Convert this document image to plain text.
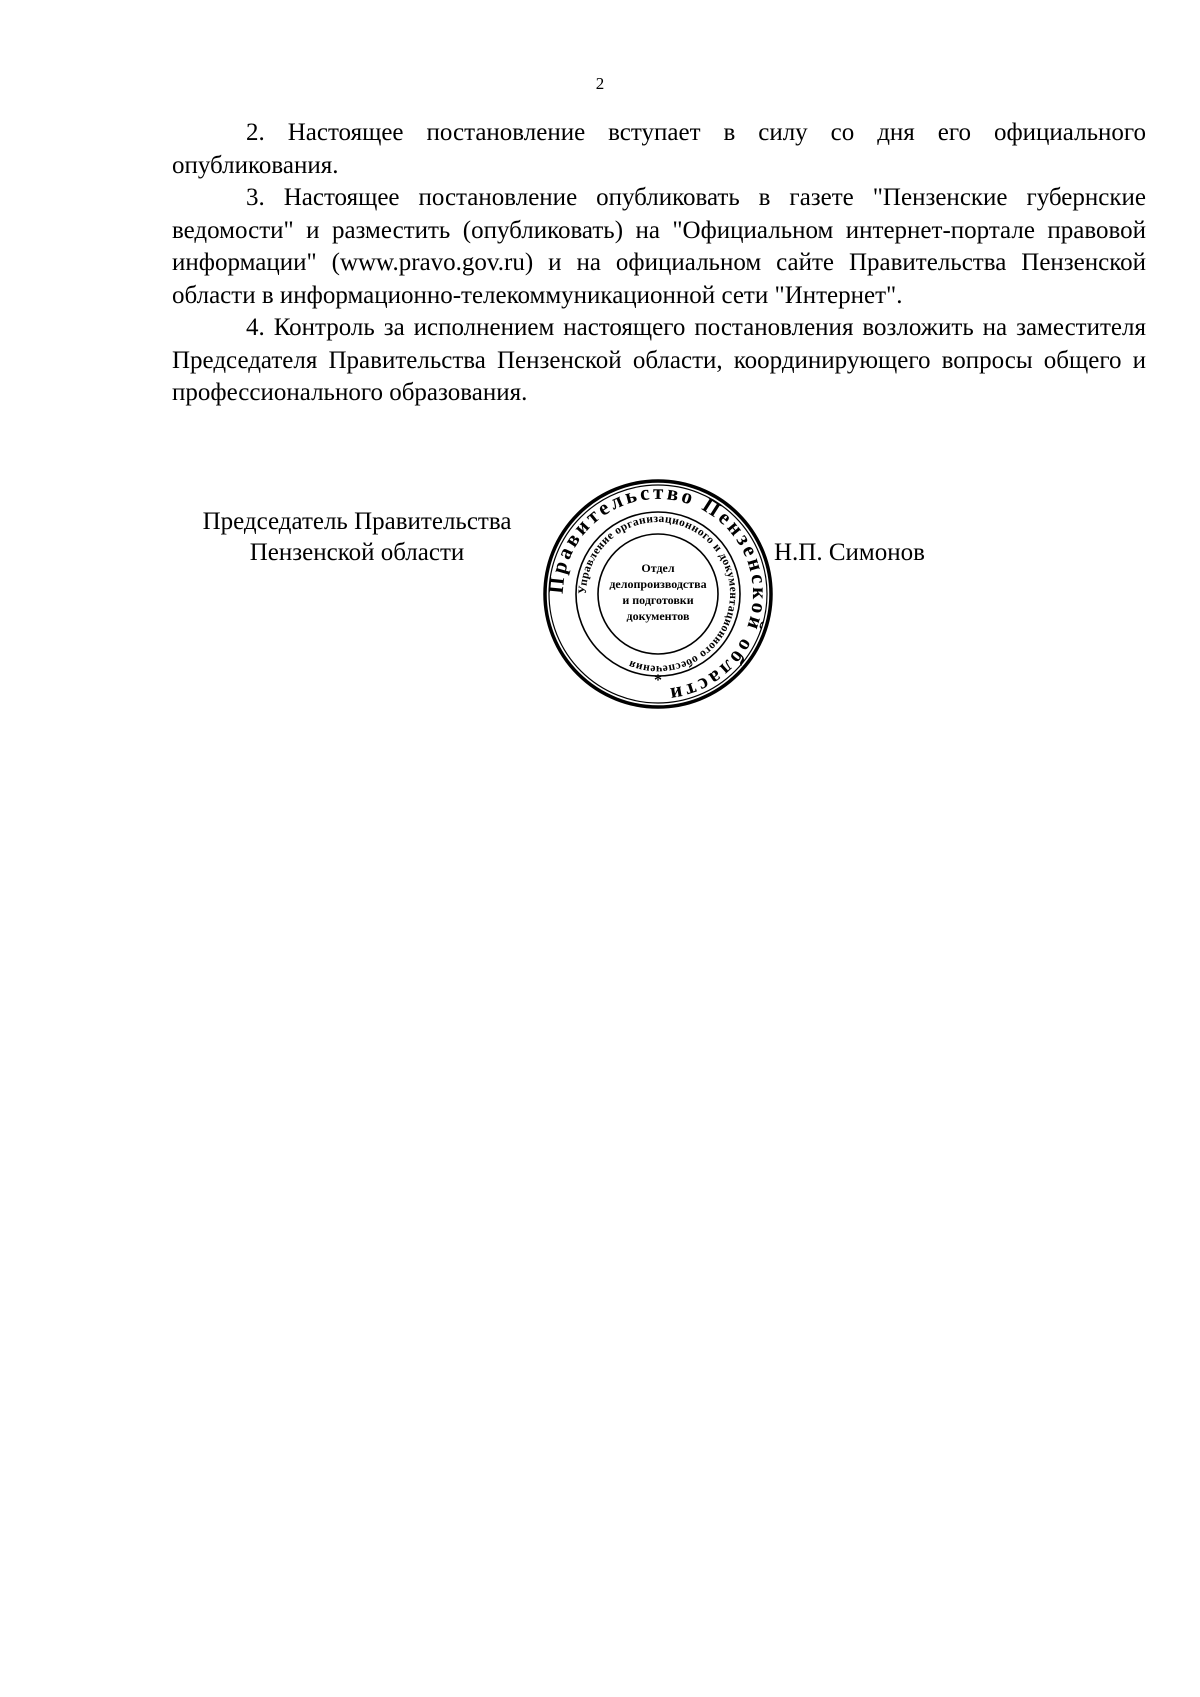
2

2. Настоящее постановление вступает в силу со дня его официального опубликования.

3. Настоящее постановление опубликовать в газете "Пензенские губернские ведомости" и разместить (опубликовать) на "Официальном интернет-портале правовой информации" (www.pravo.gov.ru) и на официальном сайте Правительства Пензенской области в информационно-телекоммуникационной сети "Интернет".

4. Контроль за исполнением настоящего постановления возложить на заместителя Председателя Правительства Пензенской области, координирующего вопросы общего и профессионального образования.

Председатель Правительства
Пензенской области	Н.П. Симонов
Правительство Пензенской области
Управление организационного и документационного обеспечения
Отдел
делопроизводства
и подготовки
документов
*
